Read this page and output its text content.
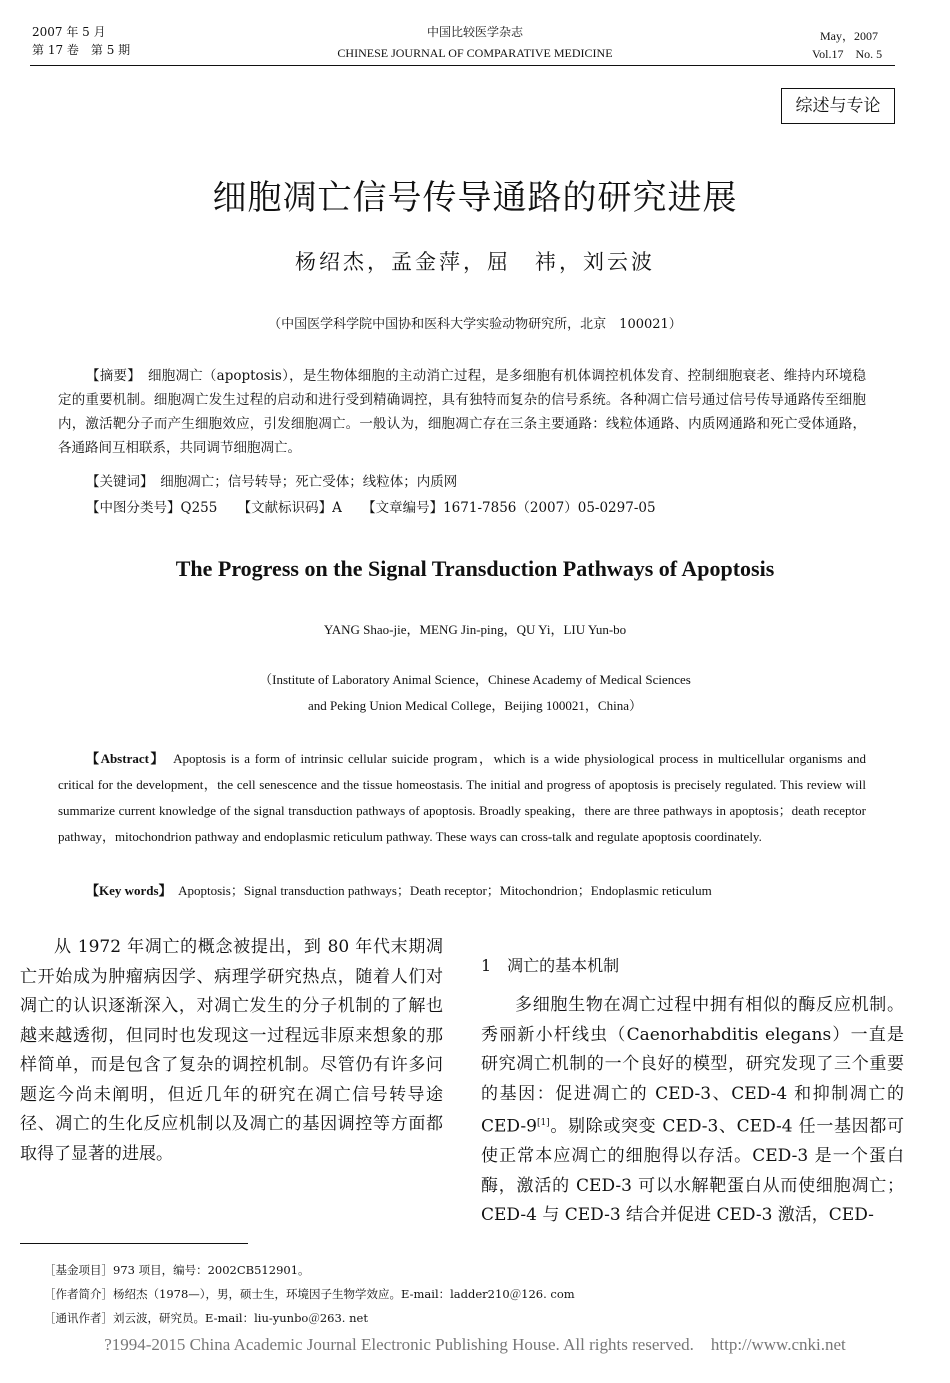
2007 年 5 月
第 17 卷　第 5 期
中国比较医学杂志
CHINESE JOURNAL OF COMPARATIVE MEDICINE
May，2007
Vol.17　No. 5
综述与专论
细胞凋亡信号传导通路的研究进展
杨绍杰，孟金萍，屈　祎，刘云波
（中国医学科学院中国协和医科大学实验动物研究所，北京　100021）
【摘要】　细胞凋亡（apoptosis），是生物体细胞的主动消亡过程，是多细胞有机体调控机体发育、控制细胞衰老、维持内环境稳定的重要机制。细胞凋亡发生过程的启动和进行受到精确调控，具有独特而复杂的信号系统。各种凋亡信号通过信号传导通路传至细胞内，激活靶分子而产生细胞效应，引发细胞凋亡。一般认为，细胞凋亡存在三条主要通路：线粒体通路、内质网通路和死亡受体通路，各通路间互相联系，共同调节细胞凋亡。
【关键词】　细胞凋亡；信号转导；死亡受体；线粒体；内质网
【中图分类号】Q255　　 【文献标识码】A　　 【文章编号】1671-7856（2007）05-0297-05
The Progress on the Signal Transduction Pathways of Apoptosis
YANG Shao-jie，MENG Jin-ping，QU Yi，LIU Yun-bo
（Institute of Laboratory Animal Science，Chinese Academy of Medical Sciences
and Peking Union Medical College，Beijing 100021，China）
【Abstract】　 Apoptosis is a form of intrinsic cellular suicide program，which is a wide physiological process in multicellular organisms and critical for the development，the cell senescence and the tissue homeostasis. The initial and progress of apoptosis is precisely regulated. This review will summarize current knowledge of the signal transduction pathways of apoptosis. Broadly speaking，there are three pathways in apoptosis；death receptor pathway，mitochondrion pathway and endoplasmic reticulum pathway. These ways can cross-talk and regulate apoptosis coordinately.
【Key words】　 Apoptosis；Signal transduction pathways；Death receptor；Mitochondrion；Endoplasmic reticulum
从 1972 年凋亡的概念被提出，到 80 年代末期凋亡开始成为肿瘤病因学、病理学研究热点，随着人们对凋亡的认识逐渐深入，对凋亡发生的分子机制的了解也越来越透彻，但同时也发现这一过程远非原来想象的那样简单，而是包含了复杂的调控机制。尽管仍有许多问题迄今尚未阐明，但近几年的研究在凋亡信号转导途径、凋亡的生化反应机制以及凋亡的基因调控等方面都取得了显著的进展。
1　凋亡的基本机制
多细胞生物在凋亡过程中拥有相似的酶反应机制。秀丽新小杆线虫（Caenorhabditis elegans）一直是研究凋亡机制的一个良好的模型，研究发现了三个重要的基因：促进凋亡的 CED-3、CED-4 和抑制凋亡的 CED-9[1]。剔除或突变 CED-3、CED-4 任一基因都可使正常本应凋亡的细胞得以存活。CED-3 是一个蛋白酶，激活的 CED-3 可以水解靶蛋白从而使细胞凋亡；CED-4 与 CED-3 结合并促进 CED-3 激活，CED-
［基金项目］973 项目，编号：2002CB512901。
［作者简介］杨绍杰（1978—），男，硕士生，环境因子生物学效应。E-mail：ladder210＠126. com
［通讯作者］刘云波，研究员。E-mail：liu-yunbo＠263. net
?1994-2015 China Academic Journal Electronic Publishing House. All rights reserved.　http://www.cnki.net
